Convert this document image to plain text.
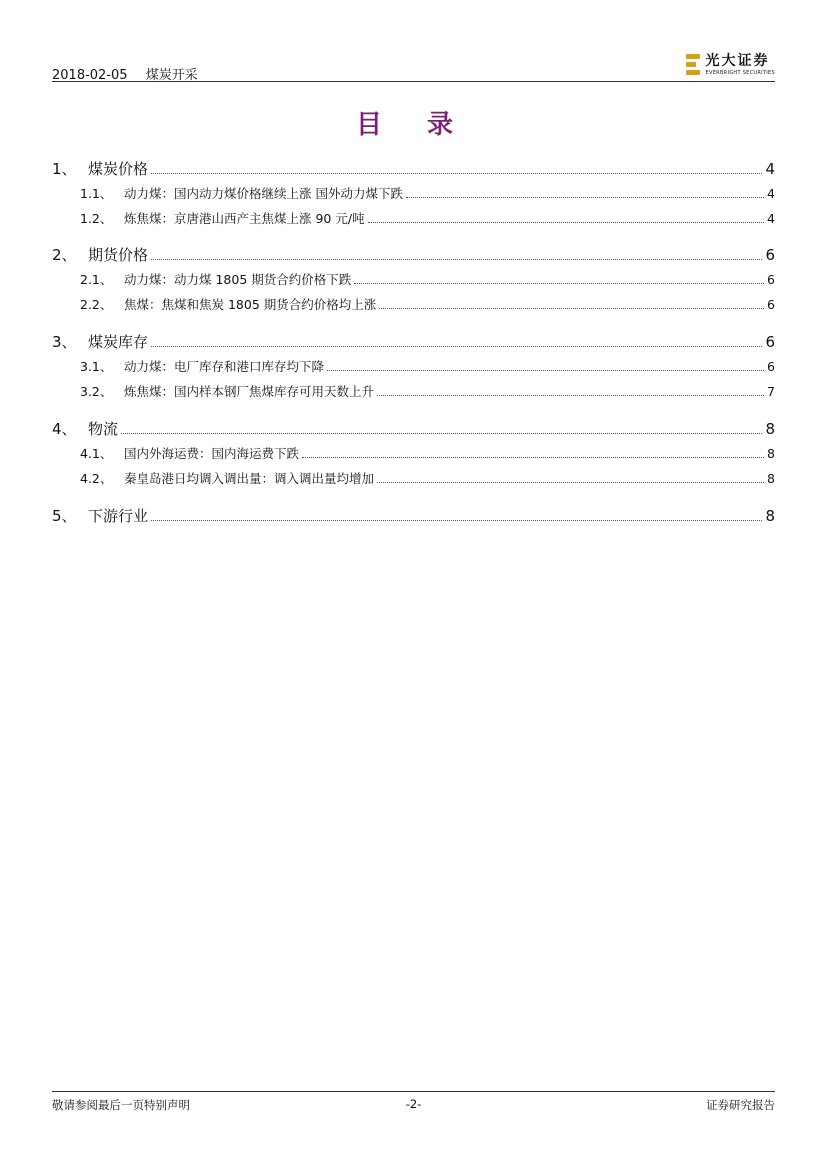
2018-02-05 煤炭开采
光大证券
EVERBRIGHT SECURITIES
目 录
1、 煤炭价格	4
1.1、 动力煤：国内动力煤价格继续上涨 国外动力煤下跌	4
1.2、 炼焦煤：京唐港山西产主焦煤上涨 90 元/吨	4
2、 期货价格	6
2.1、 动力煤：动力煤 1805 期货合约价格下跌	6
2.2、 焦煤：焦煤和焦炭 1805 期货合约价格均上涨	6
3、 煤炭库存	6
3.1、 动力煤：电厂库存和港口库存均下降	6
3.2、 炼焦煤：国内样本钢厂焦煤库存可用天数上升	7
4、 物流	8
4.1、 国内外海运费：国内海运费下跌	8
4.2、 秦皇岛港日均调入调出量：调入调出量均增加	8
5、 下游行业	8
敬请参阅最后一页特别声明	-2-	证券研究报告
